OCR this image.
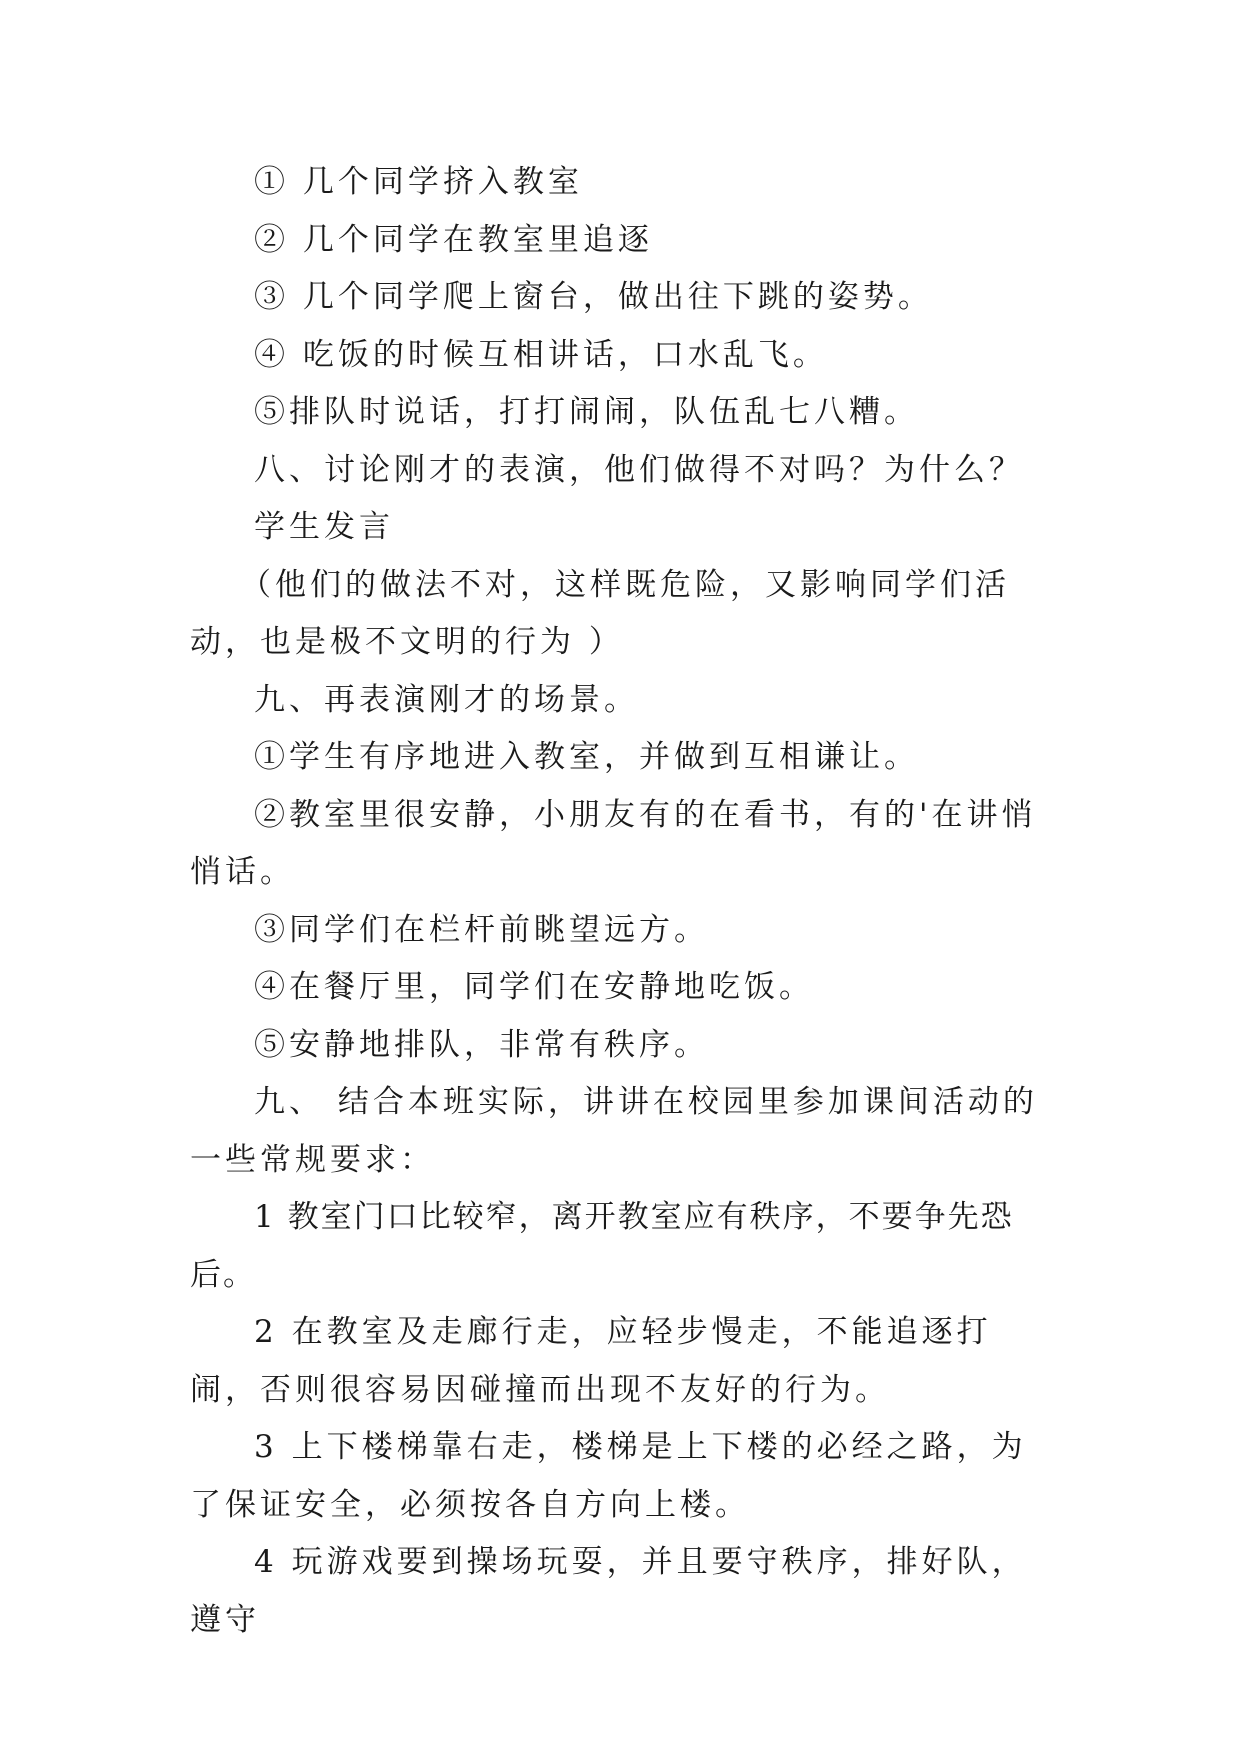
① 几个同学挤入教室

② 几个同学在教室里追逐

③ 几个同学爬上窗台，做出往下跳的姿势。

④ 吃饭的时候互相讲话，口水乱飞。

⑤排队时说话，打打闹闹，队伍乱七八糟。

八、讨论刚才的表演，他们做得不对吗？为什么？

学生发言

（他们的做法不对，这样既危险，又影响同学们活动，也是极不文明的行为 ）

九、再表演刚才的场景。

①学生有序地进入教室，并做到互相谦让。

②教室里很安静，小朋友有的在看书，有的'在讲悄悄话。

③同学们在栏杆前眺望远方。

④在餐厅里，同学们在安静地吃饭。

⑤安静地排队，非常有秩序。

九、 结合本班实际，讲讲在校园里参加课间活动的一些常规要求：

1 教室门口比较窄，离开教室应有秩序，不要争先恐后。

2 在教室及走廊行走，应轻步慢走，不能追逐打闹，否则很容易因碰撞而出现不友好的行为。

3 上下楼梯靠右走，楼梯是上下楼的必经之路，为了保证安全，必须按各自方向上楼。

4 玩游戏要到操场玩耍，并且要守秩序，排好队，遵守
